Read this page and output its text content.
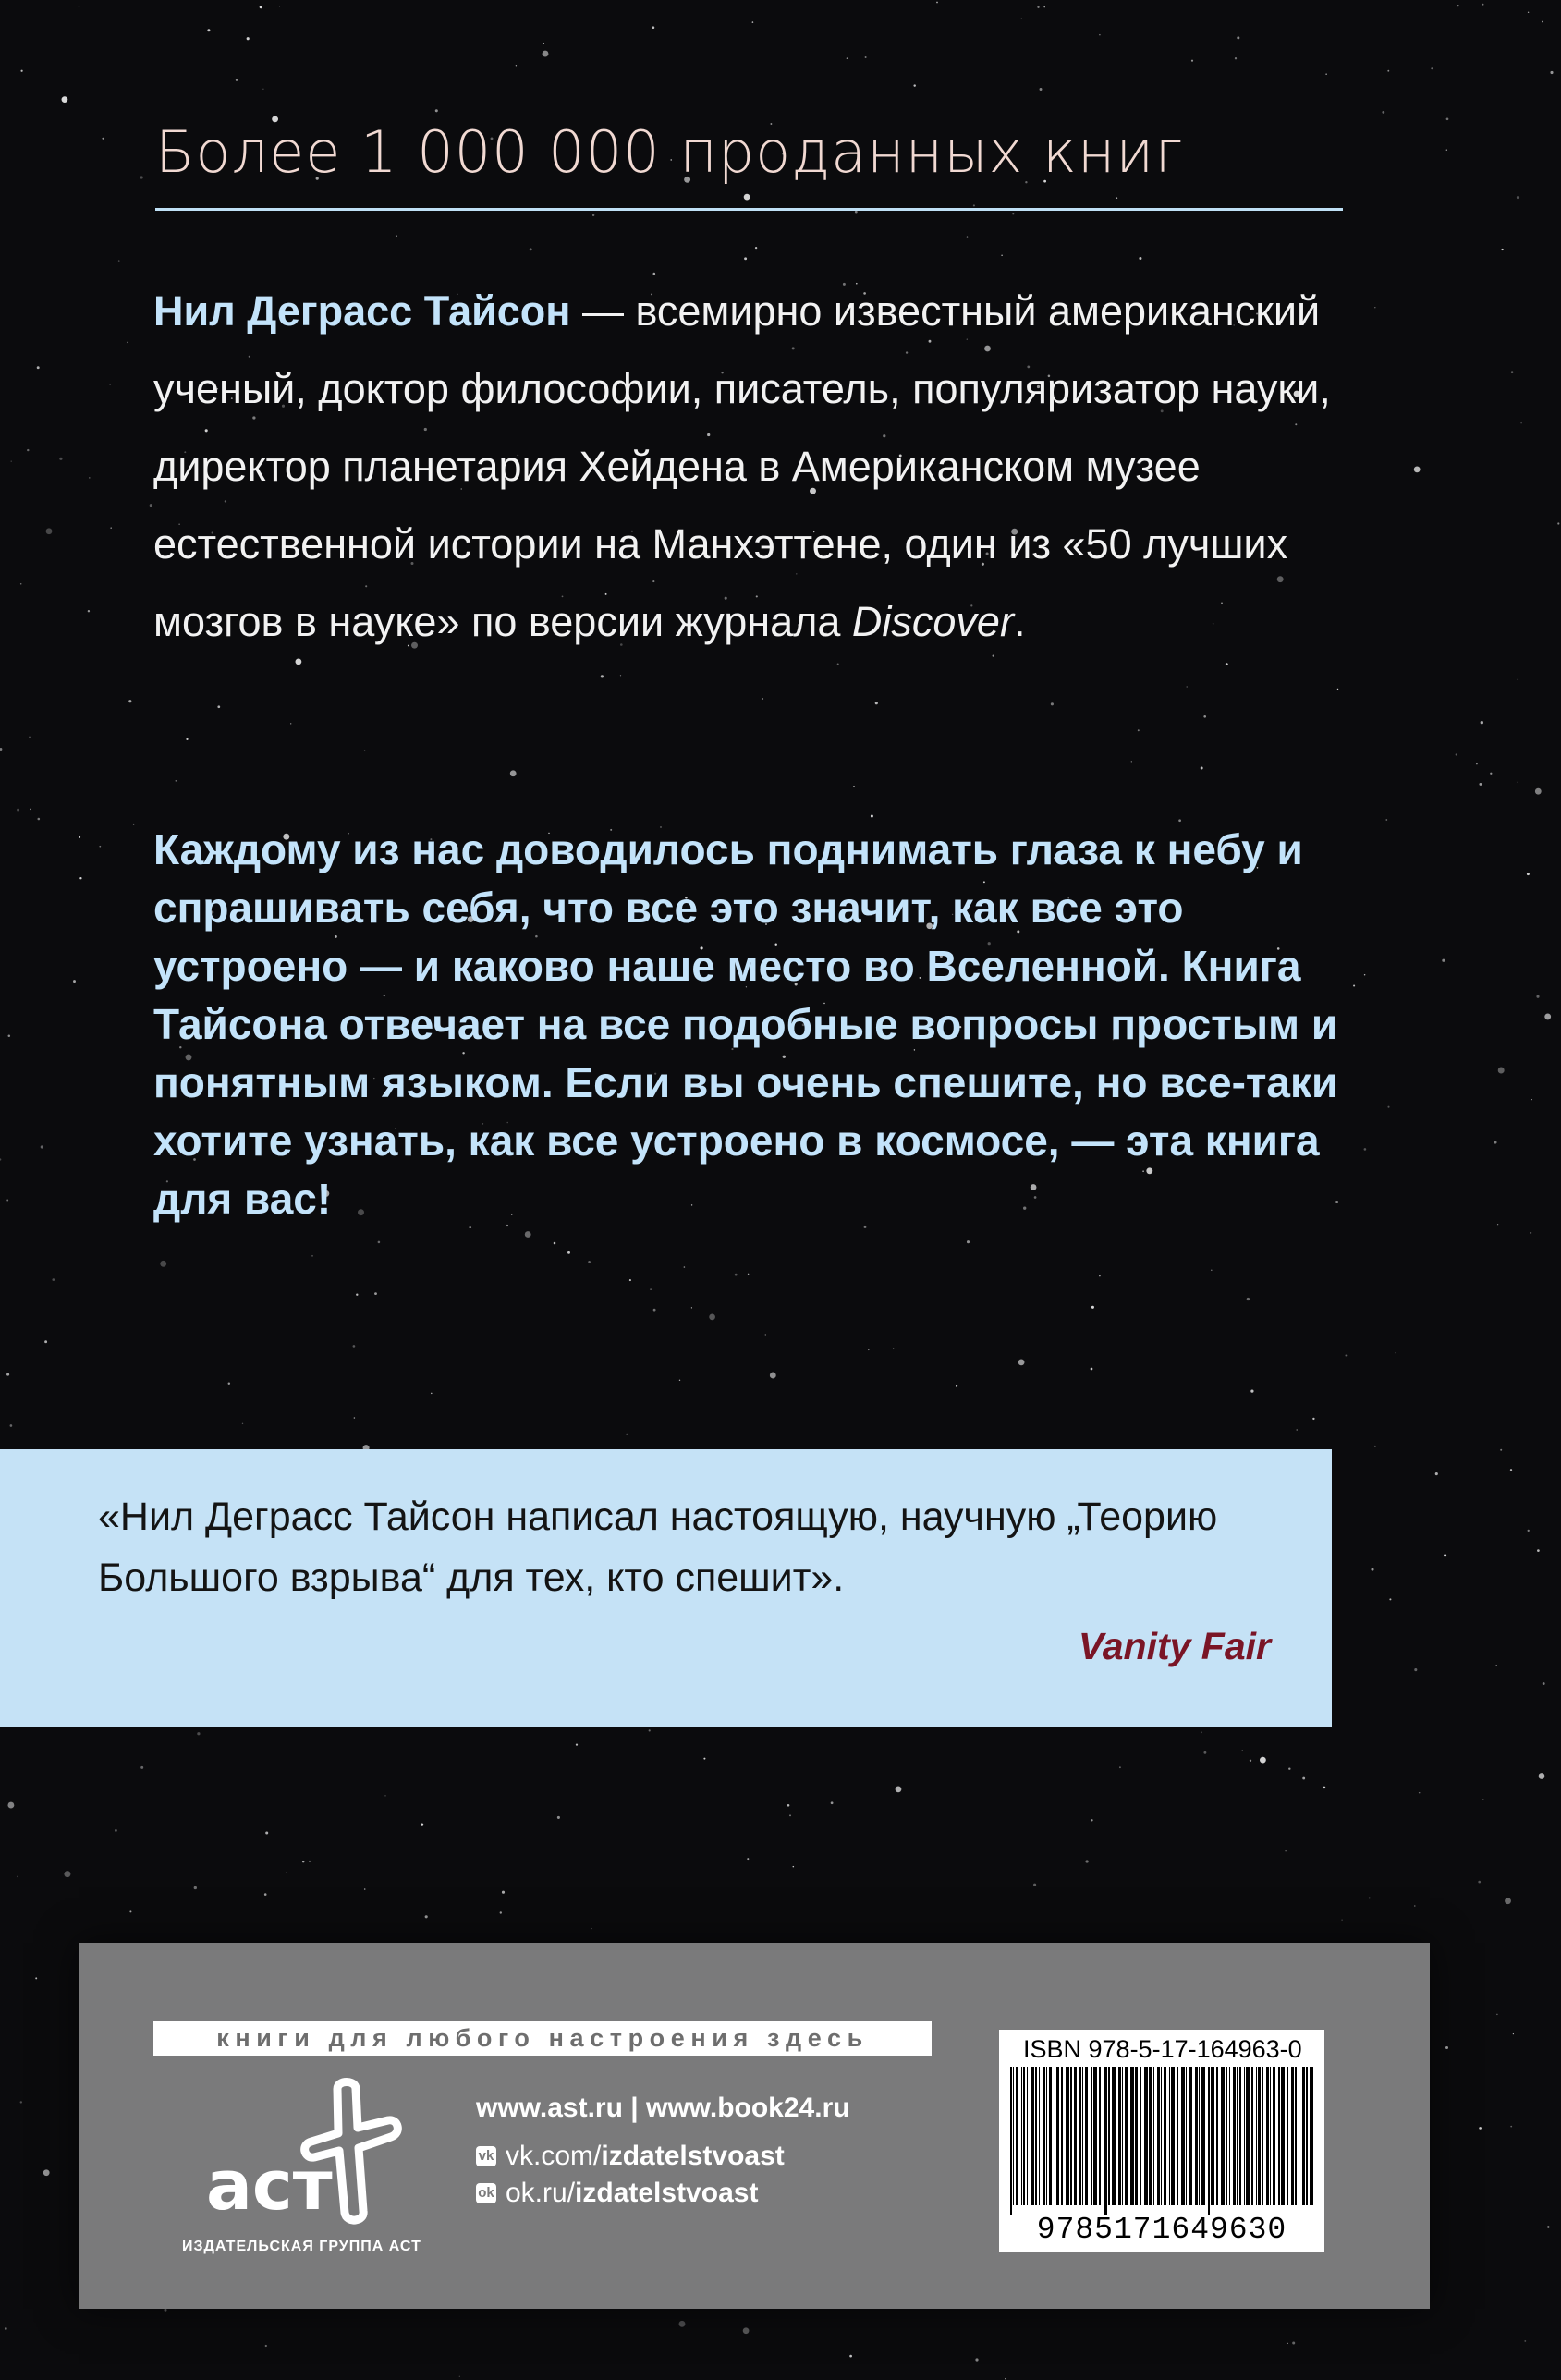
Более 1 000 000 проданных книг
Нил Деграсс Тайсон — всемирно известный американский ученый, доктор философии, писатель, популяризатор науки, директор планетария Хейдена в Американском музее естественной истории на Манхэттене, один из «50 лучших мозгов в науке» по версии журнала Discover.
Каждому из нас доводилось поднимать глаза к небу и спрашивать себя, что все это значит, как все это устроено — и каково наше место во Вселенной. Книга Тайсона отвечает на все подобные вопросы простым и понятным языком. Если вы очень спешите, но все-таки хотите узнать, как все устроено в космосе, — эта книга для вас!
«Нил Деграсс Тайсон написал настоящую, научную „Теорию Большого взрыва“ для тех, кто спешит».
Vanity Fair
книги для любого настроения здесь
аст
ИЗДАТЕЛЬСКАЯ ГРУППА АСТ
www.ast.ru | www.book24.ru
vk vk.com/ izdatelstvoast
ok ok.ru/ izdatelstvoast
ISBN 978-5-17-164963-0
9785171649630
